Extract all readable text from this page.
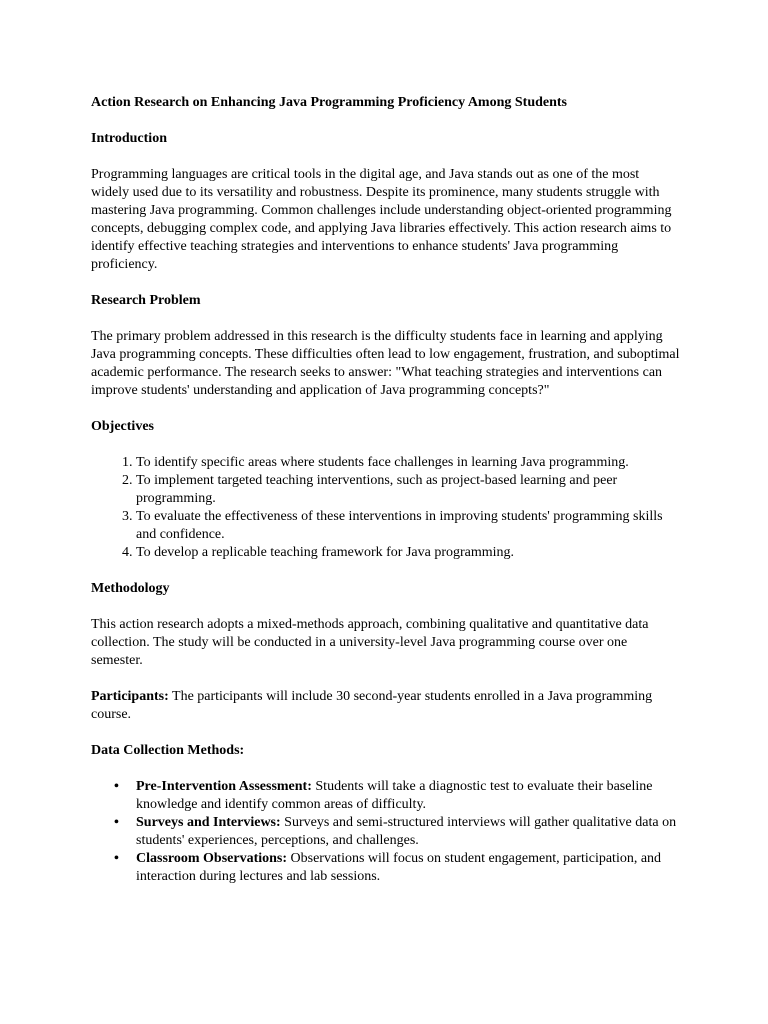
Action Research on Enhancing Java Programming Proficiency Among Students
Introduction

Programming languages are critical tools in the digital age, and Java stands out as one of the most widely used due to its versatility and robustness. Despite its prominence, many students struggle with mastering Java programming. Common challenges include understanding object-oriented programming concepts, debugging complex code, and applying Java libraries effectively. This action research aims to identify effective teaching strategies and interventions to enhance students' Java programming proficiency.

Research Problem

The primary problem addressed in this research is the difficulty students face in learning and applying Java programming concepts. These difficulties often lead to low engagement, frustration, and suboptimal academic performance. The research seeks to answer: "What teaching strategies and interventions can improve students' understanding and application of Java programming concepts?"

Objectives
1. To identify specific areas where students face challenges in learning Java programming.
2. To implement targeted teaching interventions, such as project-based learning and peer programming.
3. To evaluate the effectiveness of these interventions in improving students' programming skills and confidence.
4. To develop a replicable teaching framework for Java programming.
Methodology

This action research adopts a mixed-methods approach, combining qualitative and quantitative data collection. The study will be conducted in a university-level Java programming course over one semester.

Participants: The participants will include 30 second-year students enrolled in a Java programming course.

Data Collection Methods:
• Pre-Intervention Assessment: Students will take a diagnostic test to evaluate their baseline knowledge and identify common areas of difficulty.
• Surveys and Interviews: Surveys and semi-structured interviews will gather qualitative data on students' experiences, perceptions, and challenges.
• Classroom Observations: Observations will focus on student engagement, participation, and interaction during lectures and lab sessions.
